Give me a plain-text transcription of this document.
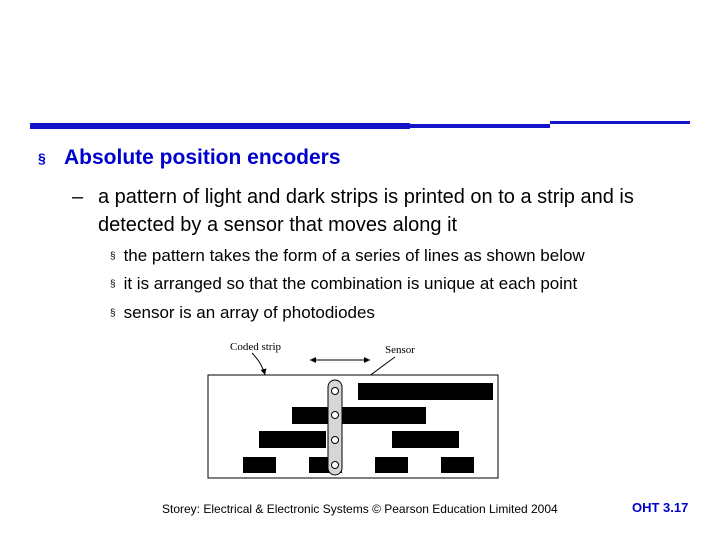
§ Absolute position encoders
– a pattern of light and dark strips is printed on to a strip and is detected by a sensor that moves along it
§ the pattern takes the form of a series of lines as shown below
§ it is arranged so that the combination is unique at each point
§ sensor is an array of photodiodes
Coded strip	Sensor
Storey: Electrical & Electronic Systems © Pearson Education Limited 2004	OHT 3.17
